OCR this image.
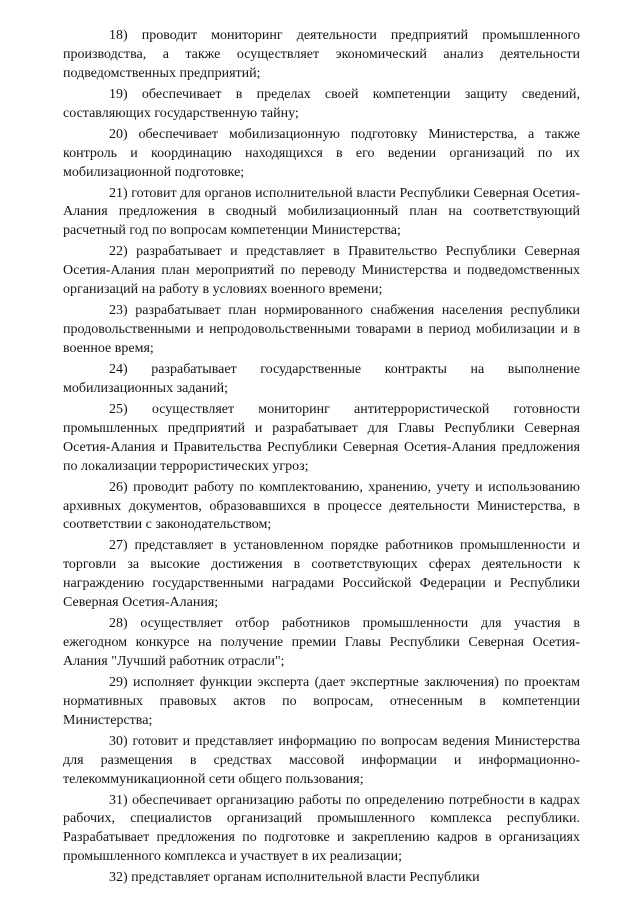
18) проводит мониторинг деятельности предприятий промышленного производства, а также осуществляет экономический анализ деятельности подведомственных предприятий;

19) обеспечивает в пределах своей компетенции защиту сведений, составляющих государственную тайну;

20) обеспечивает мобилизационную подготовку Министерства, а также контроль и координацию находящихся в его ведении организаций по их мобилизационной подготовке;

21) готовит для органов исполнительной власти Республики Северная Осетия-Алания предложения в сводный мобилизационный план на соответствующий расчетный год по вопросам компетенции Министерства;

22) разрабатывает и представляет в Правительство Республики Северная Осетия-Алания план мероприятий по переводу Министерства и подведомственных организаций на работу в условиях военного времени;

23) разрабатывает план нормированного снабжения населения республики продовольственными и непродовольственными товарами в период мобилизации и в военное время;

24) разрабатывает государственные контракты на выполнение мобилизационных заданий;

25) осуществляет мониторинг антитеррористической готовности промышленных предприятий и разрабатывает для Главы Республики Северная Осетия-Алания и Правительства Республики Северная Осетия-Алания предложения по локализации террористических угроз;

26) проводит работу по комплектованию, хранению, учету и использованию архивных документов, образовавшихся в процессе деятельности Министерства, в соответствии с законодательством;

27) представляет в установленном порядке работников промышленности и торговли за высокие достижения в соответствующих сферах деятельности к награждению государственными наградами Российской Федерации и Республики Северная Осетия-Алания;

28) осуществляет отбор работников промышленности для участия в ежегодном конкурсе на получение премии Главы Республики Северная Осетия-Алания "Лучший работник отрасли";

29) исполняет функции эксперта (дает экспертные заключения) по проектам нормативных правовых актов по вопросам, отнесенным в компетенции Министерства;

30) готовит и представляет информацию по вопросам ведения Министерства для размещения в средствах массовой информации и информационно-телекоммуникационной сети общего пользования;

31) обеспечивает организацию работы по определению потребности в кадрах рабочих, специалистов организаций промышленного комплекса республики. Разрабатывает предложения по подготовке и закреплению кадров в организациях промышленного комплекса и участвует в их реализации;

32) представляет органам исполнительной власти Республики
